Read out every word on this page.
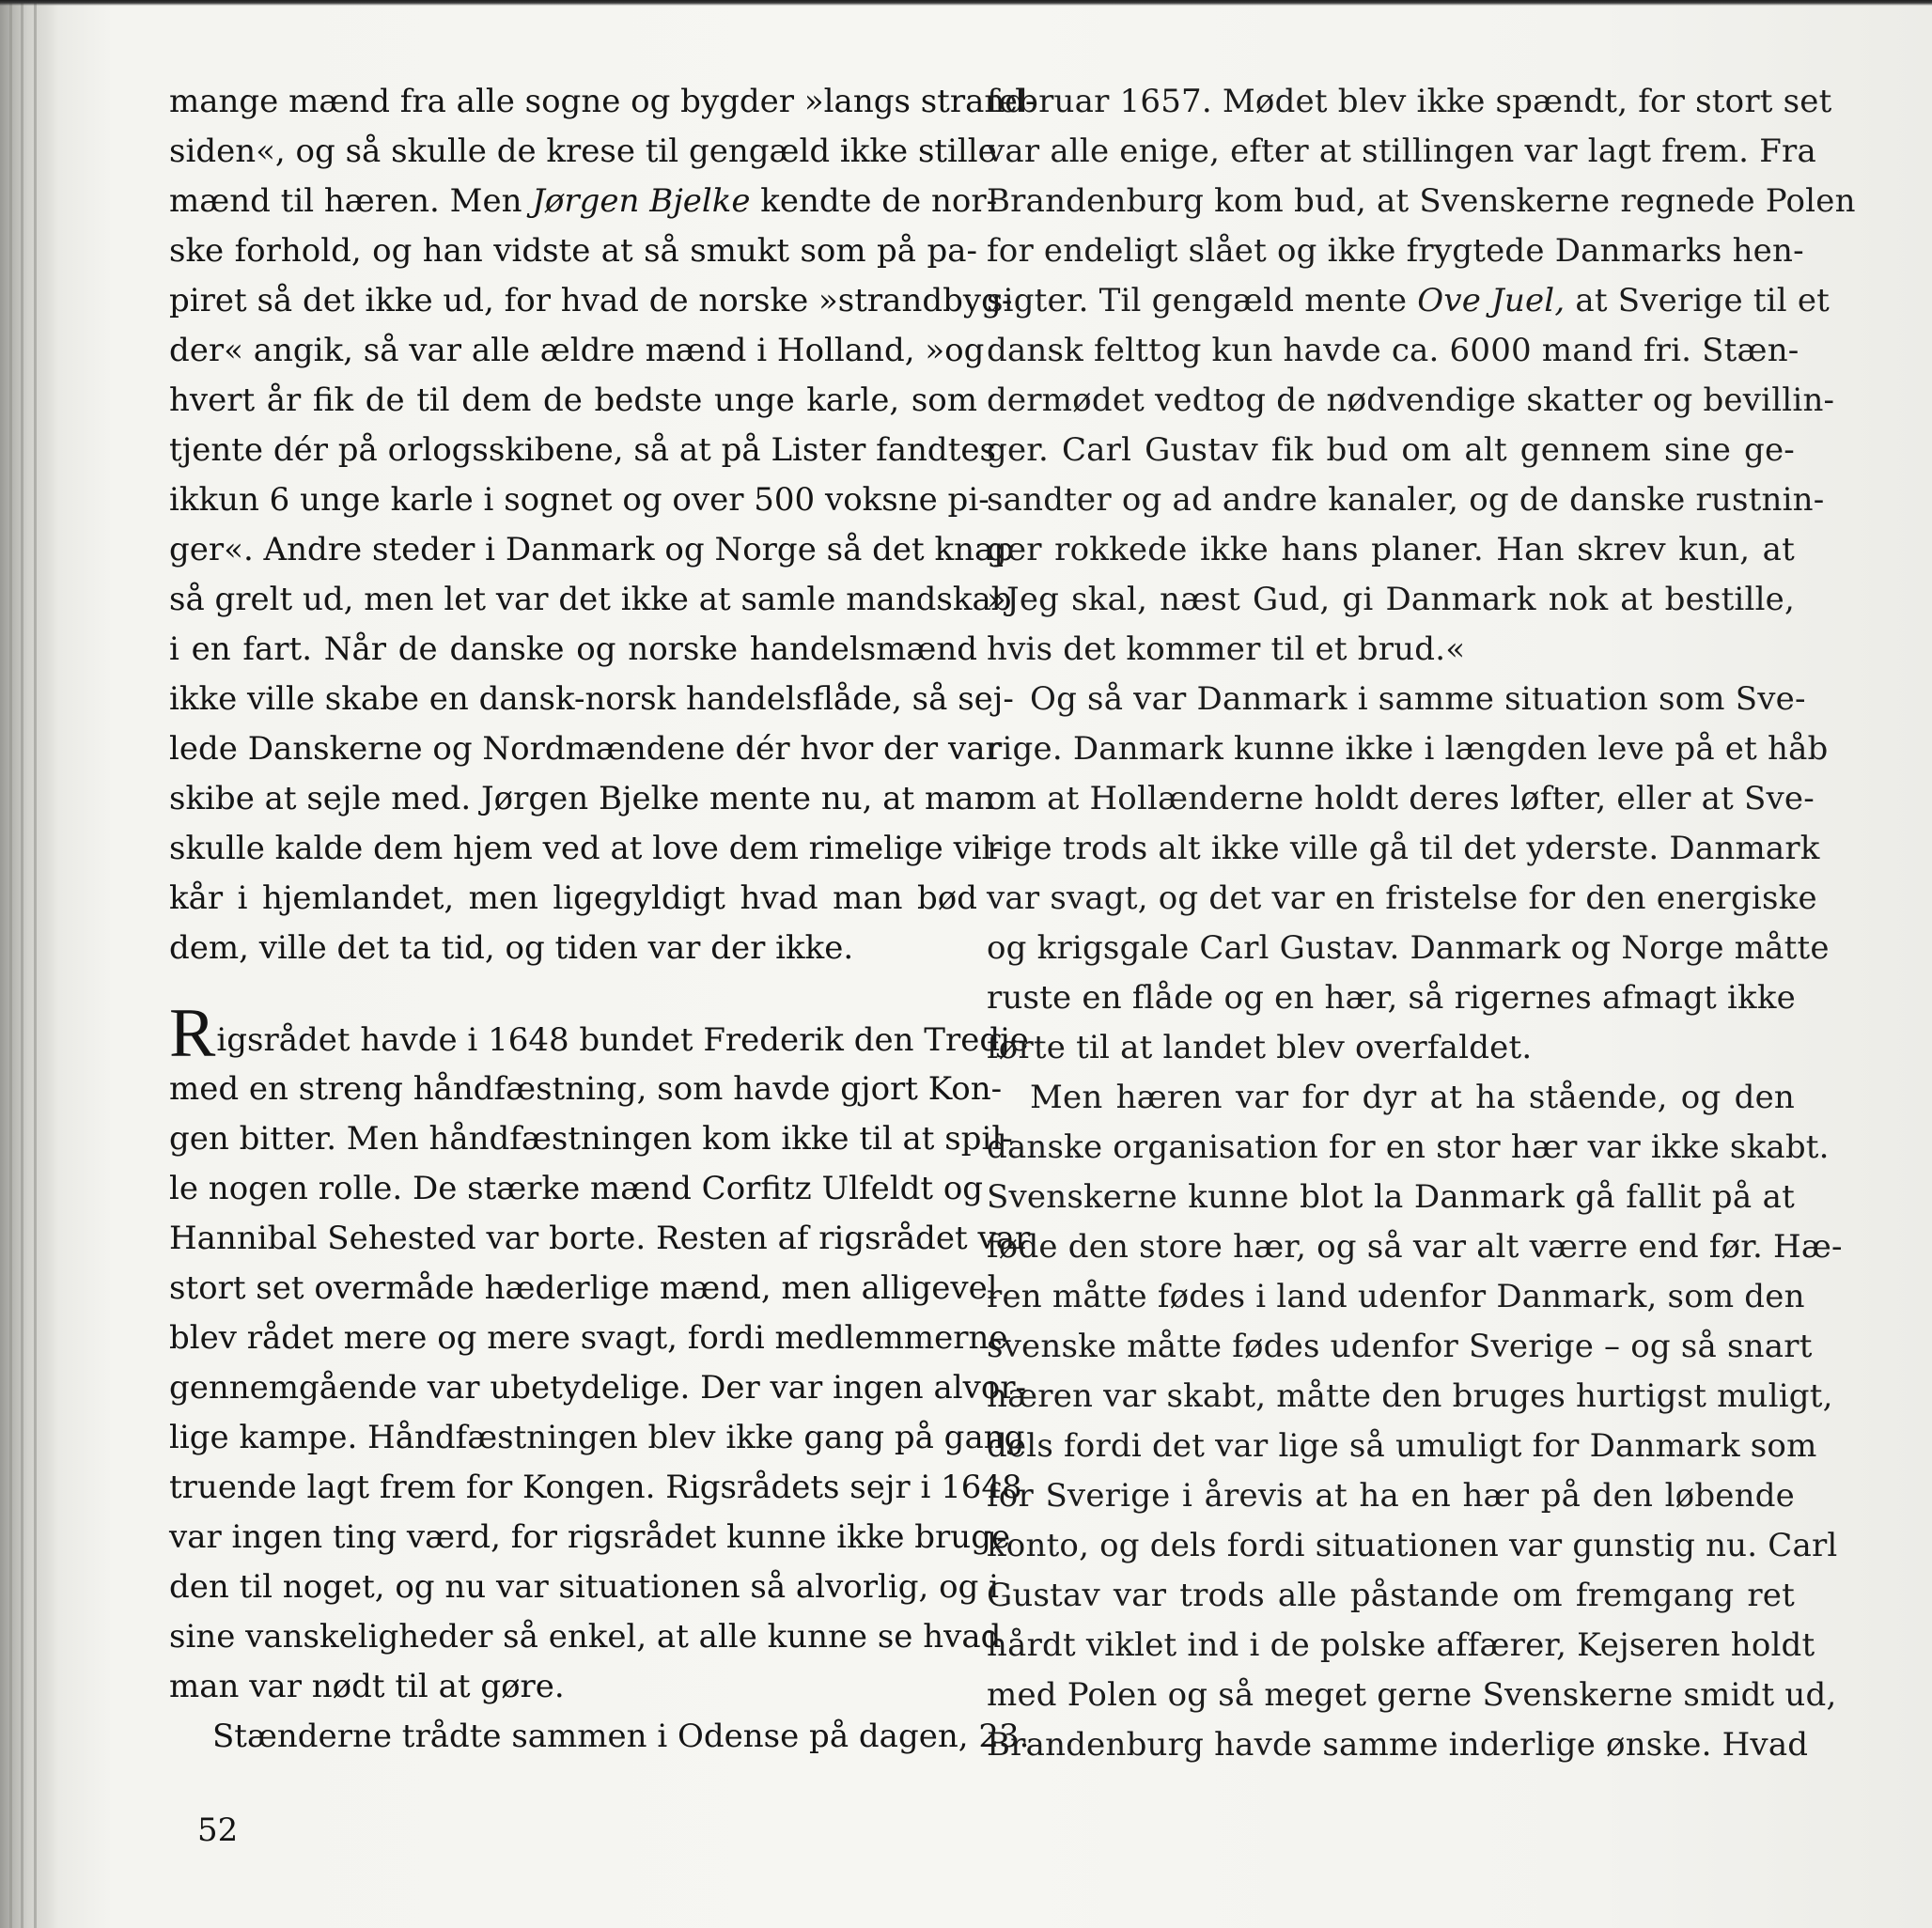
mange mænd fra alle sogne og bygder »langs strand-
siden«, og så skulle de krese til gengæld ikke stille
mænd til hæren. Men Jørgen Bjelke kendte de nor-
ske forhold, og han vidste at så smukt som på pa-
piret så det ikke ud, for hvad de norske »strandbyg-
der« angik, så var alle ældre mænd i Holland, »og
hvert år fik de til dem de bedste unge karle, som
tjente dér på orlogsskibene, så at på Lister fandtes
ikkun 6 unge karle i sognet og over 500 voksne pi-
ger«. Andre steder i Danmark og Norge så det knap
så grelt ud, men let var det ikke at samle mandskab
i en fart. Når de danske og norske handelsmænd
ikke ville skabe en dansk-norsk handelsflåde, så sej-
lede Danskerne og Nordmændene dér hvor der var
skibe at sejle med. Jørgen Bjelke mente nu, at man
skulle kalde dem hjem ved at love dem rimelige vil-
kår i hjemlandet, men ligegyldigt hvad man bød
dem, ville det ta tid, og tiden var der ikke.
Rigsrådet havde i 1648 bundet Frederik den Tredje
med en streng håndfæstning, som havde gjort Kon-
gen bitter. Men håndfæstningen kom ikke til at spil-
le nogen rolle. De stærke mænd Corfitz Ulfeldt og
Hannibal Sehested var borte. Resten af rigsrådet var
stort set overmåde hæderlige mænd, men alligevel
blev rådet mere og mere svagt, fordi medlemmerne
gennemgående var ubetydelige. Der var ingen alvor-
lige kampe. Håndfæstningen blev ikke gang på gang
truende lagt frem for Kongen. Rigsrådets sejr i 1648
var ingen ting værd, for rigsrådet kunne ikke bruge
den til noget, og nu var situationen så alvorlig, og i
sine vanskeligheder så enkel, at alle kunne se hvad
man var nødt til at gøre.
Stænderne trådte sammen i Odense på dagen, 23.
februar 1657. Mødet blev ikke spændt, for stort set
var alle enige, efter at stillingen var lagt frem. Fra
Brandenburg kom bud, at Svenskerne regnede Polen
for endeligt slået og ikke frygtede Danmarks hen-
sigter. Til gengæld mente Ove Juel, at Sverige til et
dansk felttog kun havde ca. 6000 mand fri. Stæn-
dermødet vedtog de nødvendige skatter og bevillin-
ger. Carl Gustav fik bud om alt gennem sine ge-
sandter og ad andre kanaler, og de danske rustnin-
ger rokkede ikke hans planer. Han skrev kun, at
»Jeg skal, næst Gud, gi Danmark nok at bestille,
hvis det kommer til et brud.«
Og så var Danmark i samme situation som Sve-
rige. Danmark kunne ikke i længden leve på et håb
om at Hollænderne holdt deres løfter, eller at Sve-
rige trods alt ikke ville gå til det yderste. Danmark
var svagt, og det var en fristelse for den energiske
og krigsgale Carl Gustav. Danmark og Norge måtte
ruste en flåde og en hær, så rigernes afmagt ikke
førte til at landet blev overfaldet.
Men hæren var for dyr at ha stående, og den
danske organisation for en stor hær var ikke skabt.
Svenskerne kunne blot la Danmark gå fallit på at
føde den store hær, og så var alt værre end før. Hæ-
ren måtte fødes i land udenfor Danmark, som den
svenske måtte fødes udenfor Sverige – og så snart
hæren var skabt, måtte den bruges hurtigst muligt,
dels fordi det var lige så umuligt for Danmark som
for Sverige i årevis at ha en hær på den løbende
konto, og dels fordi situationen var gunstig nu. Carl
Gustav var trods alle påstande om fremgang ret
hårdt viklet ind i de polske affærer, Kejseren holdt
med Polen og så meget gerne Svenskerne smidt ud,
Brandenburg havde samme inderlige ønske. Hvad
52
